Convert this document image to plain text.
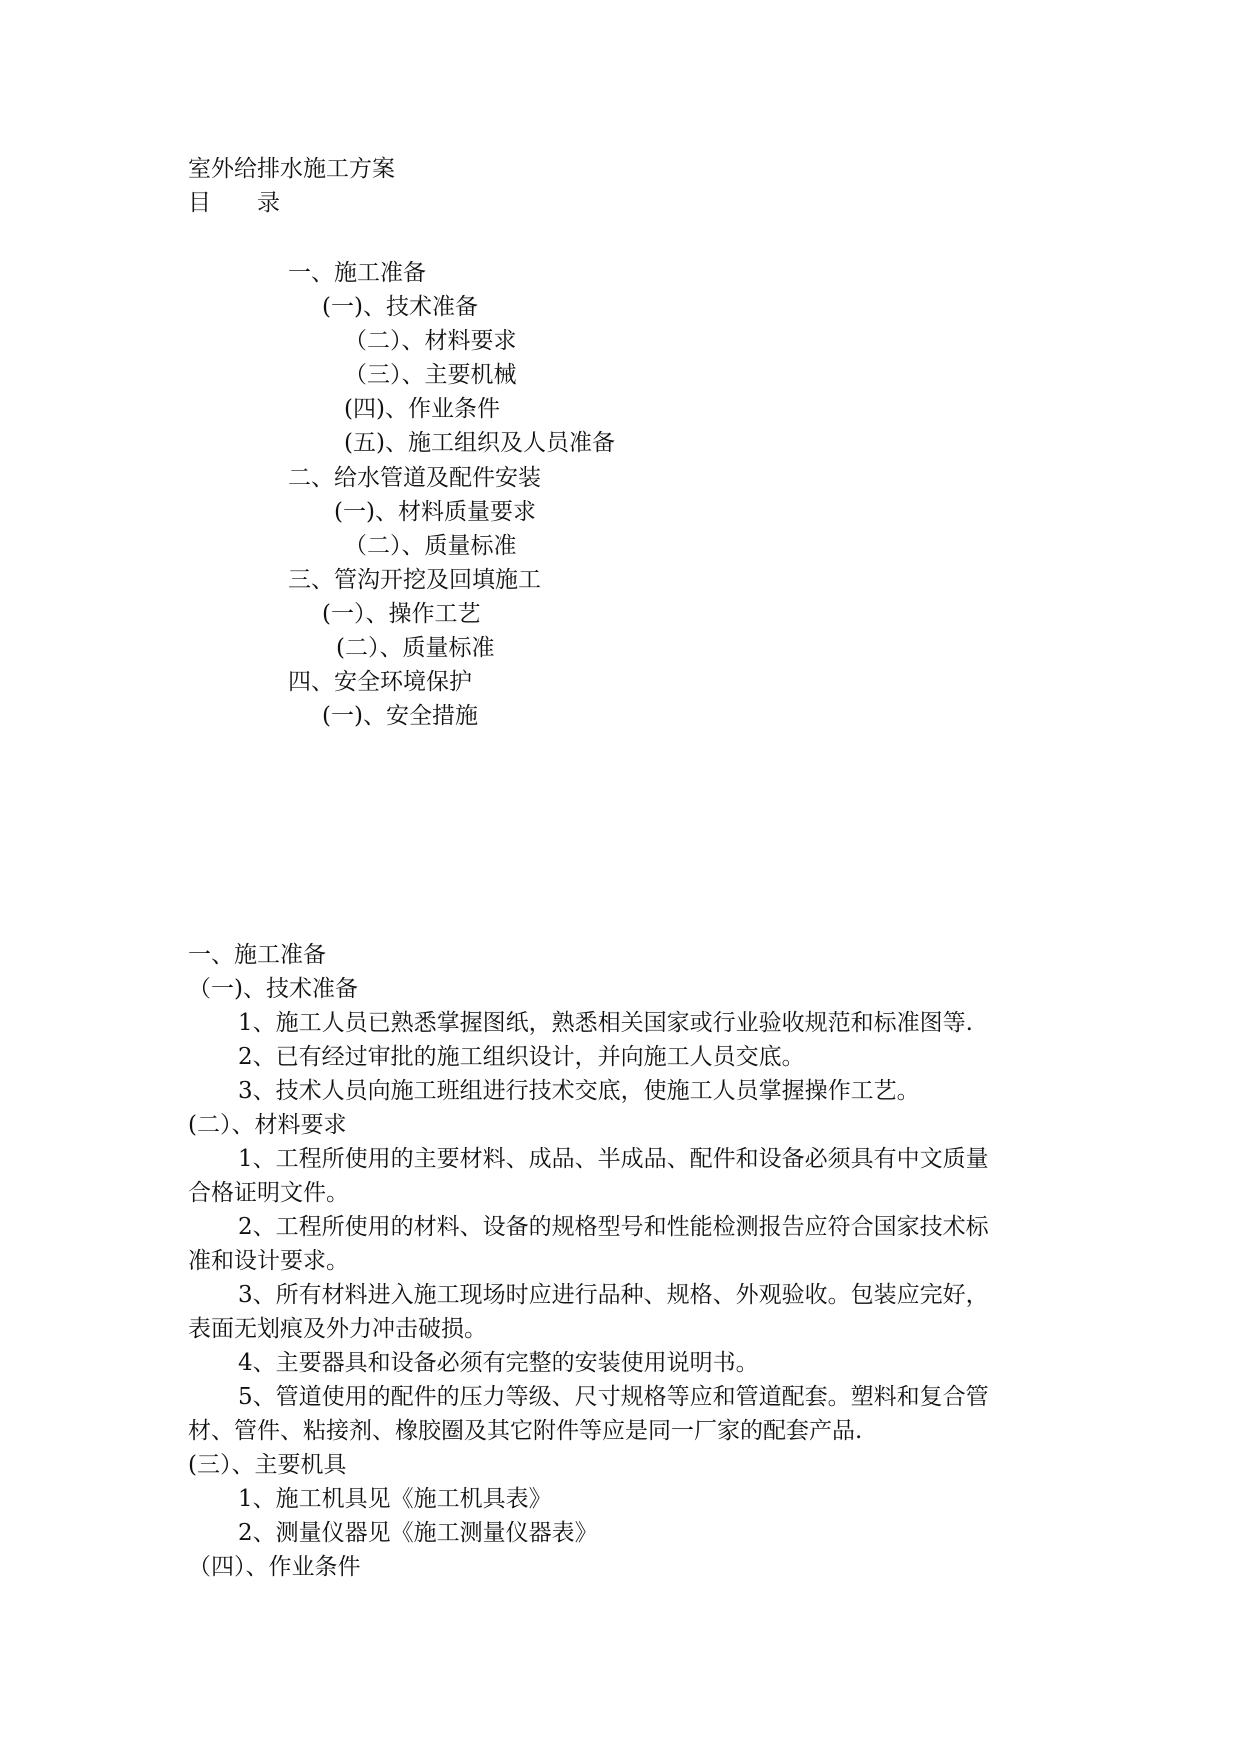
室外给排水施工方案
目　　录
一、施工准备
(一)、技术准备
（二）、材料要求
（三）、主要机械
(四)、作业条件
(五)、施工组织及人员准备
二、给水管道及配件安装
(一)、材料质量要求
（二）、质量标准
三、管沟开挖及回填施工
(一）、操作工艺
(二）、质量标准
四、安全环境保护
(一)、安全措施
一、施工准备
（一)、技术准备
1、施工人员已熟悉掌握图纸，熟悉相关国家或行业验收规范和标准图等.
2、已有经过审批的施工组织设计，并向施工人员交底。
3、技术人员向施工班组进行技术交底，使施工人员掌握操作工艺。
(二）、材料要求
1、工程所使用的主要材料、成品、半成品、配件和设备必须具有中文质量
合格证明文件。
2、工程所使用的材料、设备的规格型号和性能检测报告应符合国家技术标
准和设计要求。
3、所有材料进入施工现场时应进行品种、规格、外观验收。包装应完好，
表面无划痕及外力冲击破损。
4、主要器具和设备必须有完整的安装使用说明书。
5、管道使用的配件的压力等级、尺寸规格等应和管道配套。塑料和复合管
材、管件、粘接剂、橡胶圈及其它附件等应是同一厂家的配套产品.
(三）、主要机具
1、施工机具见《施工机具表》
2、测量仪器见《施工测量仪器表》
（四）、作业条件
